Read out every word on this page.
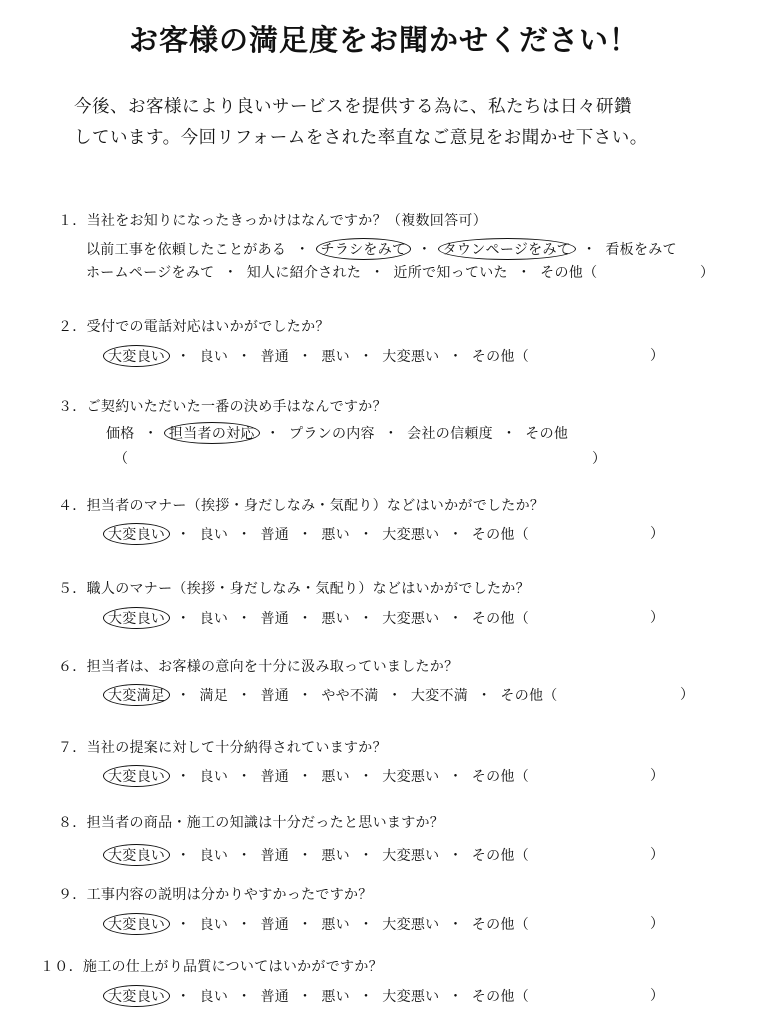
お客様の満足度をお聞かせください！
今後、お客様により良いサービスを提供する為に、私たちは日々研鑽
しています。今回リフォームをされた率直なご意見をお聞かせ下さい。
１．当社をお知りになったきっかけはなんですか？（複数回答可）
以前工事を依頼したことがある ・ チラシをみて ・ タウンページをみて ・ 看板をみて
ホームページをみて ・ 知人に紹介された ・ 近所で知っていた ・ その他（	）
２．受付での電話対応はいかがでしたか？
大変良い ・ 良い ・ 普通 ・ 悪い ・ 大変悪い ・ その他（	）
３．ご契約いただいた一番の決め手はなんですか？
価格 ・ 担当者の対応 ・ プランの内容 ・ 会社の信頼度 ・ その他
（	）
４．担当者のマナー（挨拶・身だしなみ・気配り）などはいかがでしたか？
大変良い ・ 良い ・ 普通 ・ 悪い ・ 大変悪い ・ その他（	）
５．職人のマナー（挨拶・身だしなみ・気配り）などはいかがでしたか？
大変良い ・ 良い ・ 普通 ・ 悪い ・ 大変悪い ・ その他（	）
６．担当者は、お客様の意向を十分に汲み取っていましたか？
大変満足 ・ 満足 ・ 普通 ・ やや不満 ・ 大変不満 ・ その他（	）
７．当社の提案に対して十分納得されていますか？
大変良い ・ 良い ・ 普通 ・ 悪い ・ 大変悪い ・ その他（	）
８．担当者の商品・施工の知識は十分だったと思いますか？
大変良い ・ 良い ・ 普通 ・ 悪い ・ 大変悪い ・ その他（	）
９．工事内容の説明は分かりやすかったですか？
大変良い ・ 良い ・ 普通 ・ 悪い ・ 大変悪い ・ その他（	）
１０．施工の仕上がり品質についてはいかがですか？
大変良い ・ 良い ・ 普通 ・ 悪い ・ 大変悪い ・ その他（	）
